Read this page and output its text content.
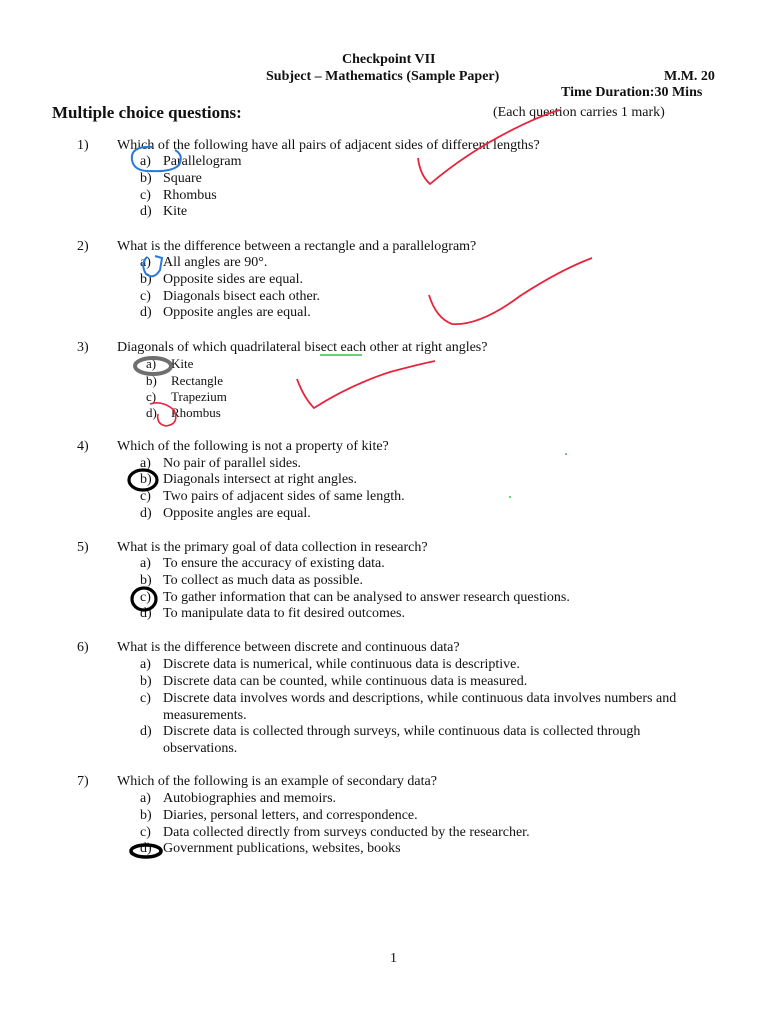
Checkpoint VII
Subject – Mathematics (Sample Paper)	M.M. 20
Time Duration:30 Mins
Multiple choice questions:	(Each question carries 1 mark)
1) Which of the following have all pairs of adjacent sides of different lengths?
a) Parallelogram
b) Square
c) Rhombus
d) Kite
2) What is the difference between a rectangle and a parallelogram?
a) All angles are 90°.
b) Opposite sides are equal.
c) Diagonals bisect each other.
d) Opposite angles are equal.
3) Diagonals of which quadrilateral bisect each other at right angles?
a) Kite
b) Rectangle
c) Trapezium
d) Rhombus
4) Which of the following is not a property of kite?
a) No pair of parallel sides.
b) Diagonals intersect at right angles.
c) Two pairs of adjacent sides of same length.
d) Opposite angles are equal.
5) What is the primary goal of data collection in research?
a) To ensure the accuracy of existing data.
b) To collect as much data as possible.
c) To gather information that can be analysed to answer research questions.
d) To manipulate data to fit desired outcomes.
6) What is the difference between discrete and continuous data?
a) Discrete data is numerical, while continuous data is descriptive.
b) Discrete data can be counted, while continuous data is measured.
c) Discrete data involves words and descriptions, while continuous data involves numbers and measurements.
d) Discrete data is collected through surveys, while continuous data is collected through observations.
7) Which of the following is an example of secondary data?
a) Autobiographies and memoirs.
b) Diaries, personal letters, and correspondence.
c) Data collected directly from surveys conducted by the researcher.
d) Government publications, websites, books
1
